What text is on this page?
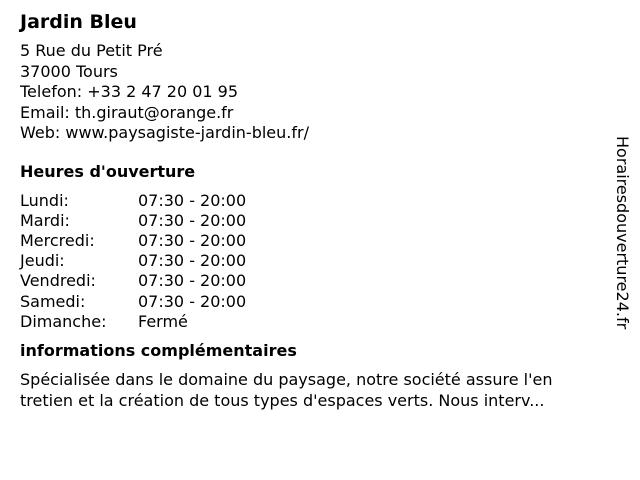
Jardin Bleu
5 Rue du Petit Pré
37000 Tours
Telefon: +33 2 47 20 01 95
Email: th.giraut@orange.fr
Web: www.paysagiste-jardin-bleu.fr/
Heures d'ouverture
Lundi:	07:30 - 20:00
Mardi:	07:30 - 20:00
Mercredi:	07:30 - 20:00
Jeudi:	07:30 - 20:00
Vendredi:	07:30 - 20:00
Samedi:	07:30 - 20:00
Dimanche:	Fermé
informations complémentaires
Spécialisée dans le domaine du paysage, notre société assure l'en
tretien et la création de tous types d'espaces verts. Nous interv...
Horairesdouverture24.fr
